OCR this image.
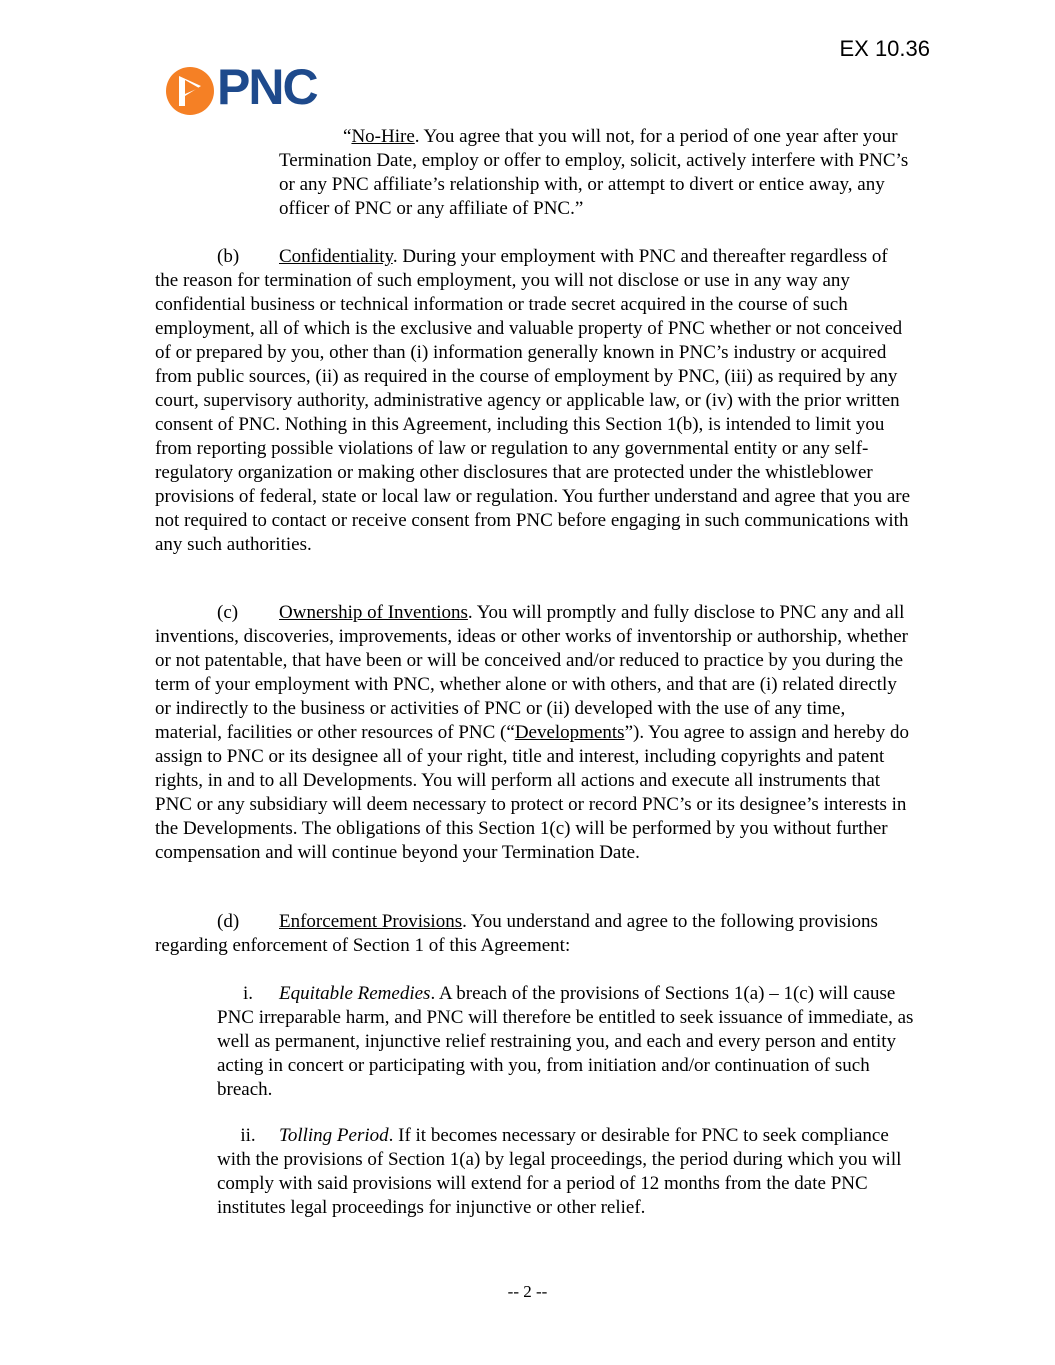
EX 10.36
PNC

“No-Hire. You agree that you will not, for a period of one year after your Termination Date, employ or offer to employ, solicit, actively interfere with PNC’s or any PNC affiliate’s relationship with, or attempt to divert or entice away, any officer of PNC or any affiliate of PNC.”

(b) Confidentiality. During your employment with PNC and thereafter regardless of the reason for termination of such employment, you will not disclose or use in any way any confidential business or technical information or trade secret acquired in the course of such employment, all of which is the exclusive and valuable property of PNC whether or not conceived of or prepared by you, other than (i) information generally known in PNC’s industry or acquired from public sources, (ii) as required in the course of employment by PNC, (iii) as required by any court, supervisory authority, administrative agency or applicable law, or (iv) with the prior written consent of PNC. Nothing in this Agreement, including this Section 1(b), is intended to limit you from reporting possible violations of law or regulation to any governmental entity or any self-regulatory organization or making other disclosures that are protected under the whistleblower provisions of federal, state or local law or regulation. You further understand and agree that you are not required to contact or receive consent from PNC before engaging in such communications with any such authorities.

(c) Ownership of Inventions. You will promptly and fully disclose to PNC any and all inventions, discoveries, improvements, ideas or other works of inventorship or authorship, whether or not patentable, that have been or will be conceived and/or reduced to practice by you during the term of your employment with PNC, whether alone or with others, and that are (i) related directly or indirectly to the business or activities of PNC or (ii) developed with the use of any time, material, facilities or other resources of PNC (“Developments”). You agree to assign and hereby do assign to PNC or its designee all of your right, title and interest, including copyrights and patent rights, in and to all Developments. You will perform all actions and execute all instruments that PNC or any subsidiary will deem necessary to protect or record PNC’s or its designee’s interests in the Developments. The obligations of this Section 1(c) will be performed by you without further compensation and will continue beyond your Termination Date.

(d) Enforcement Provisions. You understand and agree to the following provisions regarding enforcement of Section 1 of this Agreement:

i. Equitable Remedies. A breach of the provisions of Sections 1(a) – 1(c) will cause PNC irreparable harm, and PNC will therefore be entitled to seek issuance of immediate, as well as permanent, injunctive relief restraining you, and each and every person and entity acting in concert or participating with you, from initiation and/or continuation of such breach.

ii. Tolling Period. If it becomes necessary or desirable for PNC to seek compliance with the provisions of Section 1(a) by legal proceedings, the period during which you will comply with said provisions will extend for a period of 12 months from the date PNC institutes legal proceedings for injunctive or other relief.

-- 2 --
